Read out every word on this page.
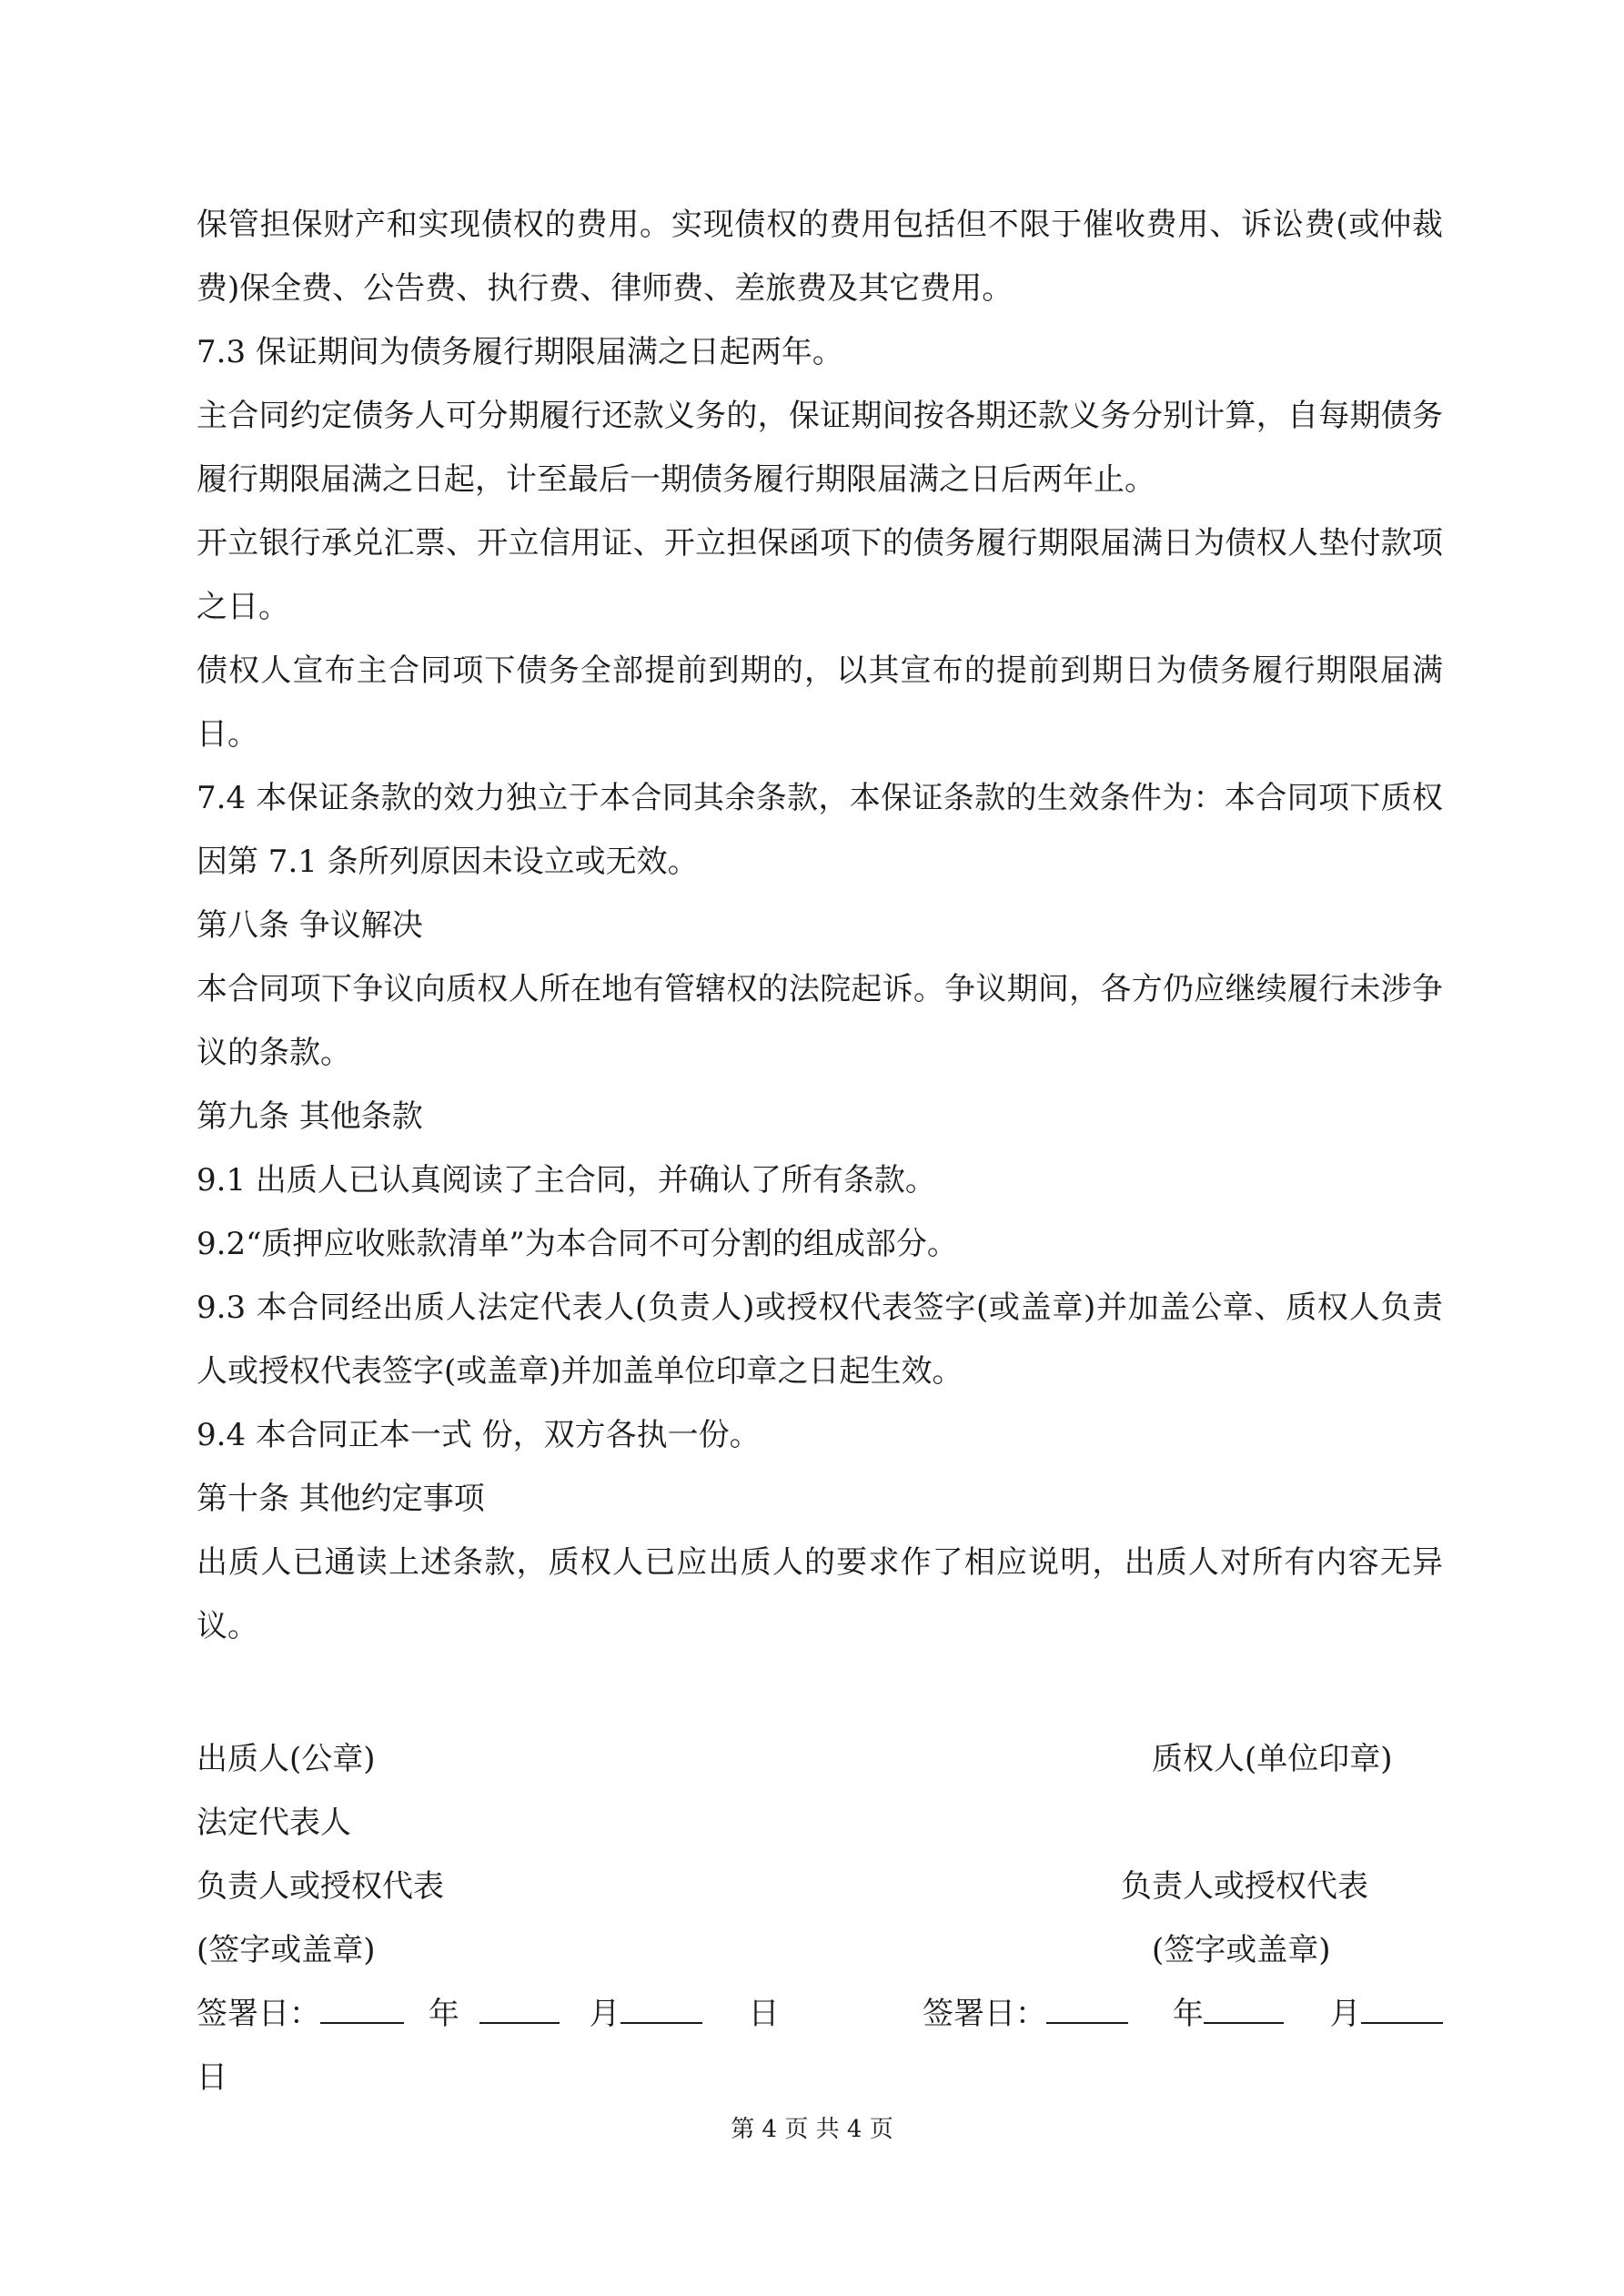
保管担保财产和实现债权的费用。实现债权的费用包括但不限于催收费用、诉讼费(或仲裁费)保全费、公告费、执行费、律师费、差旅费及其它费用。

7.3 保证期间为债务履行期限届满之日起两年。

主合同约定债务人可分期履行还款义务的，保证期间按各期还款义务分别计算，自每期债务履行期限届满之日起，计至最后一期债务履行期限届满之日后两年止。

开立银行承兑汇票、开立信用证、开立担保函项下的债务履行期限届满日为债权人垫付款项之日。

债权人宣布主合同项下债务全部提前到期的，以其宣布的提前到期日为债务履行期限届满日。

7.4 本保证条款的效力独立于本合同其余条款，本保证条款的生效条件为：本合同项下质权因第 7.1 条所列原因未设立或无效。

第八条 争议解决

本合同项下争议向质权人所在地有管辖权的法院起诉。争议期间，各方仍应继续履行未涉争议的条款。

第九条 其他条款

9.1 出质人已认真阅读了主合同，并确认了所有条款。

9.2“质押应收账款清单”为本合同不可分割的组成部分。

9.3 本合同经出质人法定代表人(负责人)或授权代表签字(或盖章)并加盖公章、质权人负责人或授权代表签字(或盖章)并加盖单位印章之日起生效。

9.4 本合同正本一式 份，双方各执一份。

第十条 其他约定事项

出质人已通读上述条款，质权人已应出质人的要求作了相应说明，出质人对所有内容无异议。

出质人(公章)	质权人(单位印章)
法定代表人
负责人或授权代表	负责人或授权代表
(签字或盖章)	(签字或盖章)
签署日：	年	月	日	签署日：	年	月
日
第 4 页 共 4 页
